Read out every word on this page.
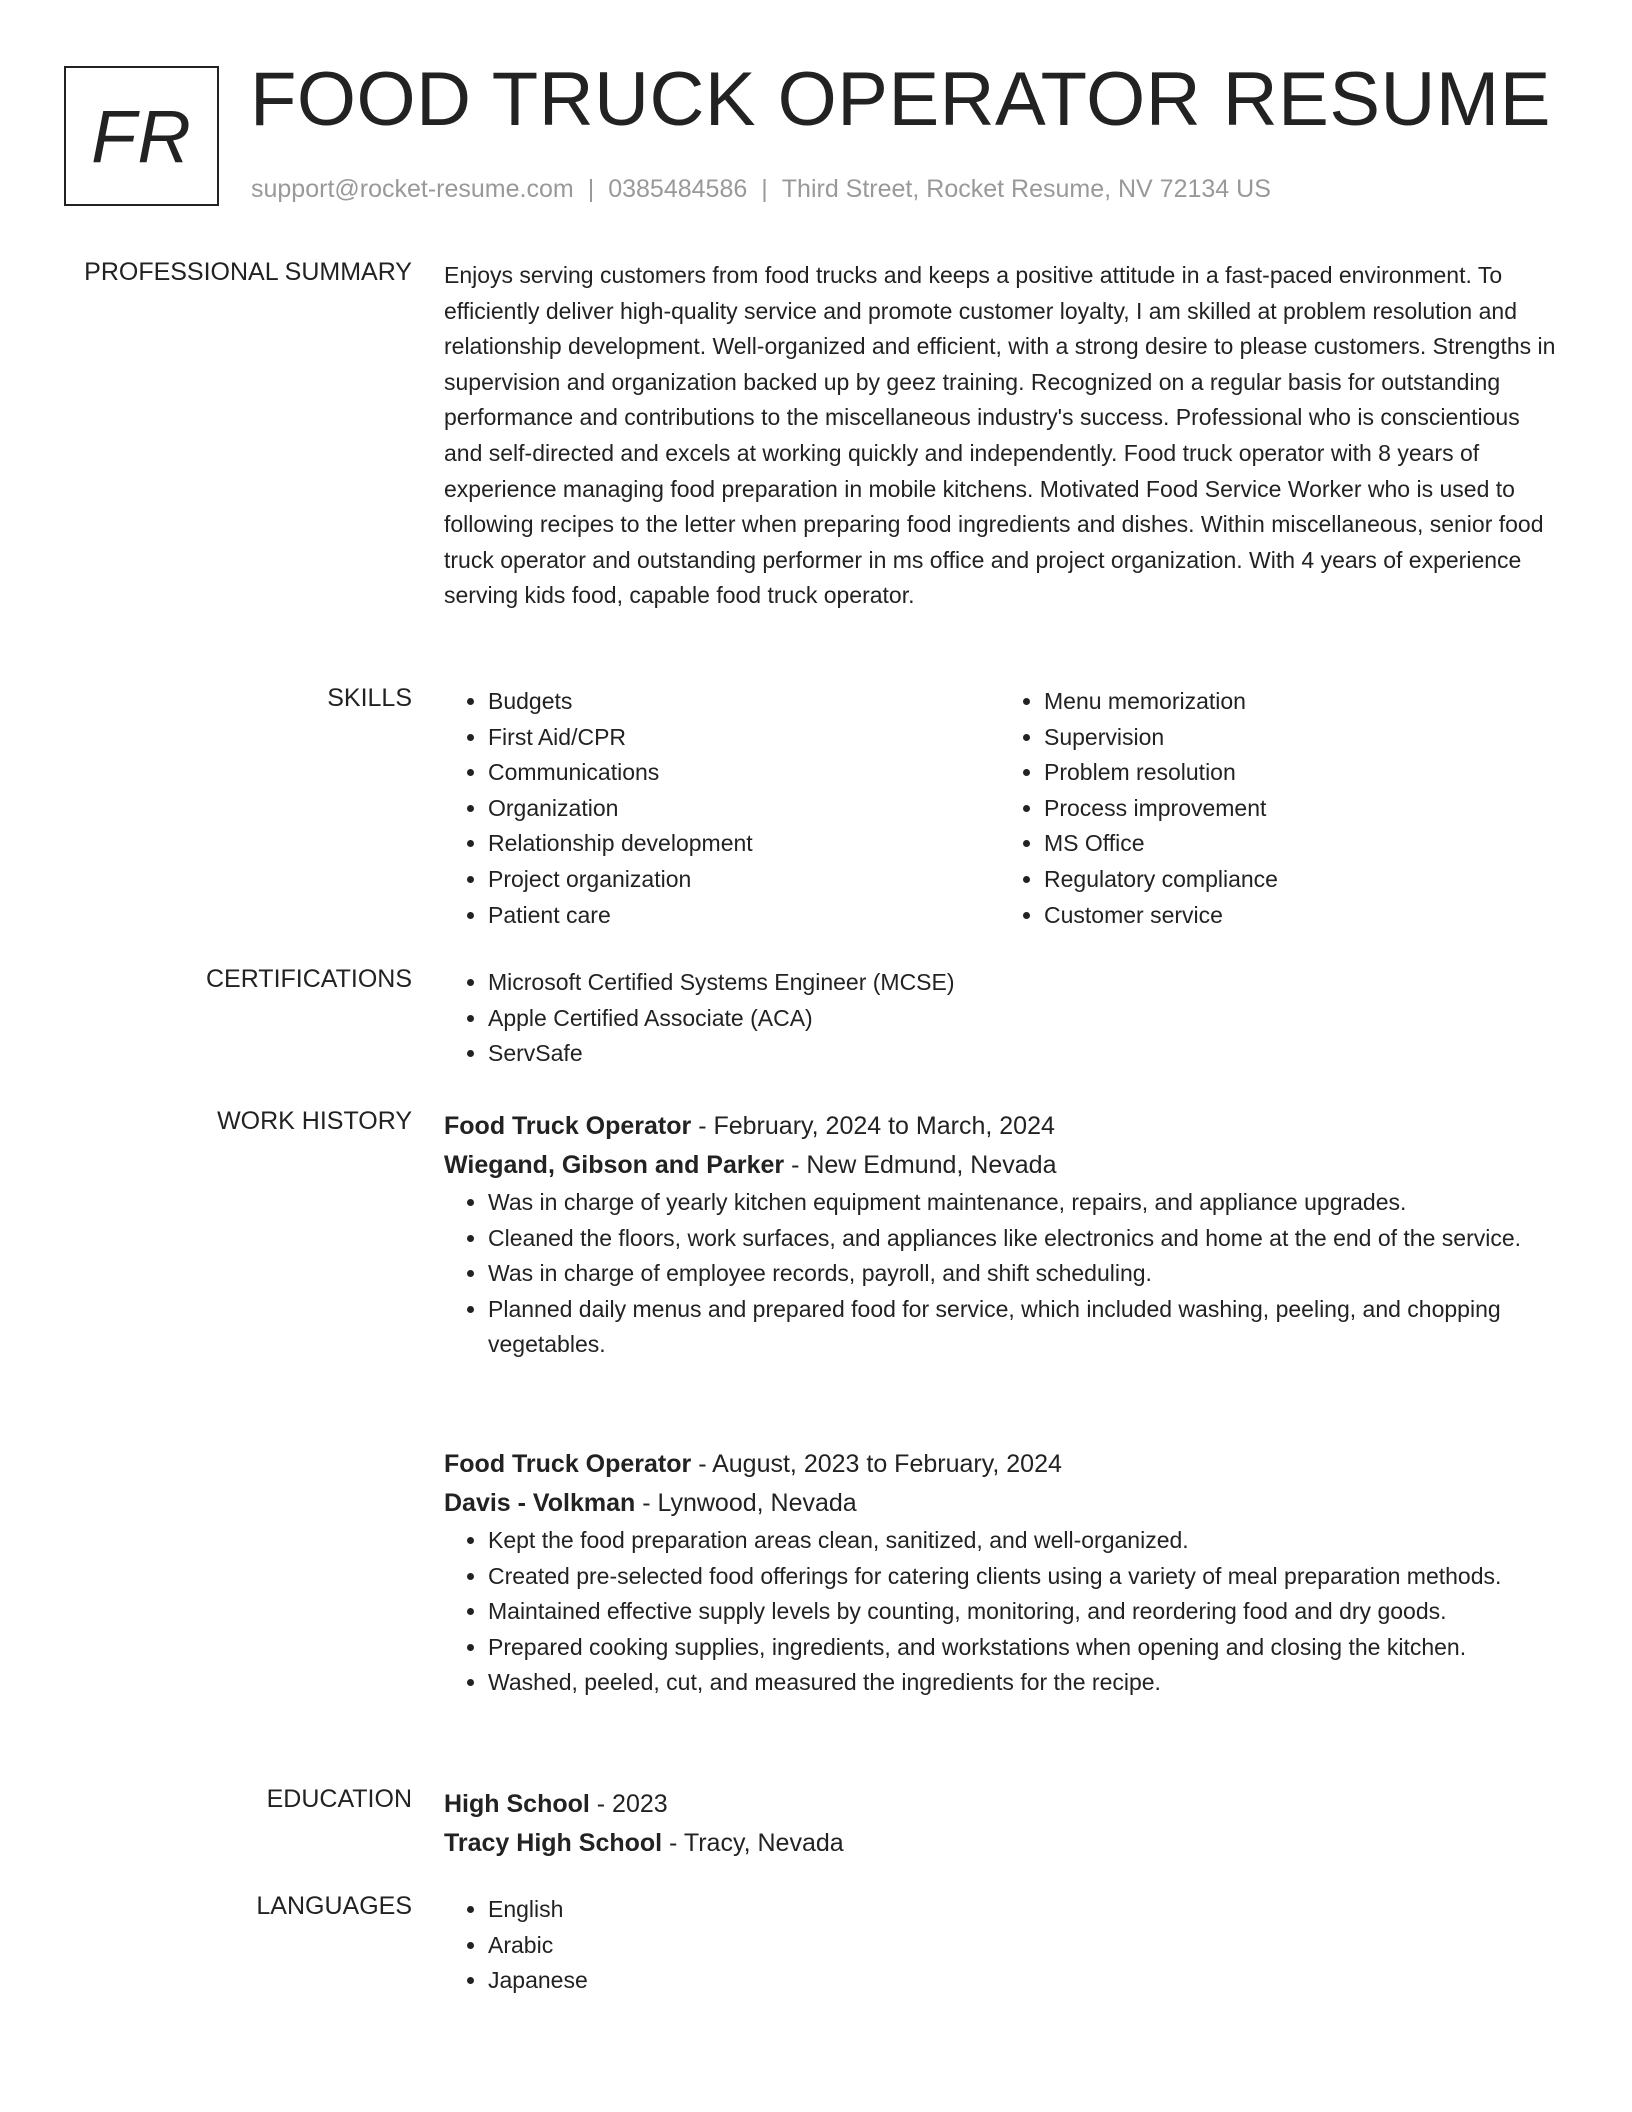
FR FOOD TRUCK OPERATOR RESUME
support@rocket-resume.com | 0385484586 | Third Street, Rocket Resume, NV 72134 US
PROFESSIONAL SUMMARY Enjoys serving customers from food trucks and keeps a positive attitude in a fast-paced environment. To efficiently deliver high-quality service and promote customer loyalty, I am skilled at problem resolution and relationship development. Well-organized and efficient, with a strong desire to please customers. Strengths in supervision and organization backed up by geez training. Recognized on a regular basis for outstanding performance and contributions to the miscellaneous industry's success. Professional who is conscientious and self-directed and excels at working quickly and independently. Food truck operator with 8 years of experience managing food preparation in mobile kitchens. Motivated Food Service Worker who is used to following recipes to the letter when preparing food ingredients and dishes. Within miscellaneous, senior food truck operator and outstanding performer in ms office and project organization. With 4 years of experience serving kids food, capable food truck operator.

SKILLS	• Budgets
• First Aid/CPR
• Communications
• Organization
• Relationship development
• Project organization
• Patient care
• Menu memorization
• Supervision
• Problem resolution
• Process improvement
• MS Office
• Regulatory compliance
• Customer service
CERTIFICATIONS	• Microsoft Certified Systems Engineer (MCSE)
• Apple Certified Associate (ACA)
• ServSafe
WORK HISTORY Food Truck Operator - February, 2024 to March, 2024
Wiegand, Gibson and Parker - New Edmund, Nevada
• Was in charge of yearly kitchen equipment maintenance, repairs, and appliance upgrades.
• Cleaned the floors, work surfaces, and appliances like electronics and home at the end of the service.
• Was in charge of employee records, payroll, and shift scheduling.
• Planned daily menus and prepared food for service, which included washing, peeling, and chopping vegetables.
Food Truck Operator - August, 2023 to February, 2024
Davis - Volkman - Lynwood, Nevada
• Kept the food preparation areas clean, sanitized, and well-organized.
• Created pre-selected food offerings for catering clients using a variety of meal preparation methods.
• Maintained effective supply levels by counting, monitoring, and reordering food and dry goods.
• Prepared cooking supplies, ingredients, and workstations when opening and closing the kitchen.
• Washed, peeled, cut, and measured the ingredients for the recipe.
EDUCATION High School - 2023
Tracy High School - Tracy, Nevada
LANGUAGES	• English
• Arabic
• Japanese
